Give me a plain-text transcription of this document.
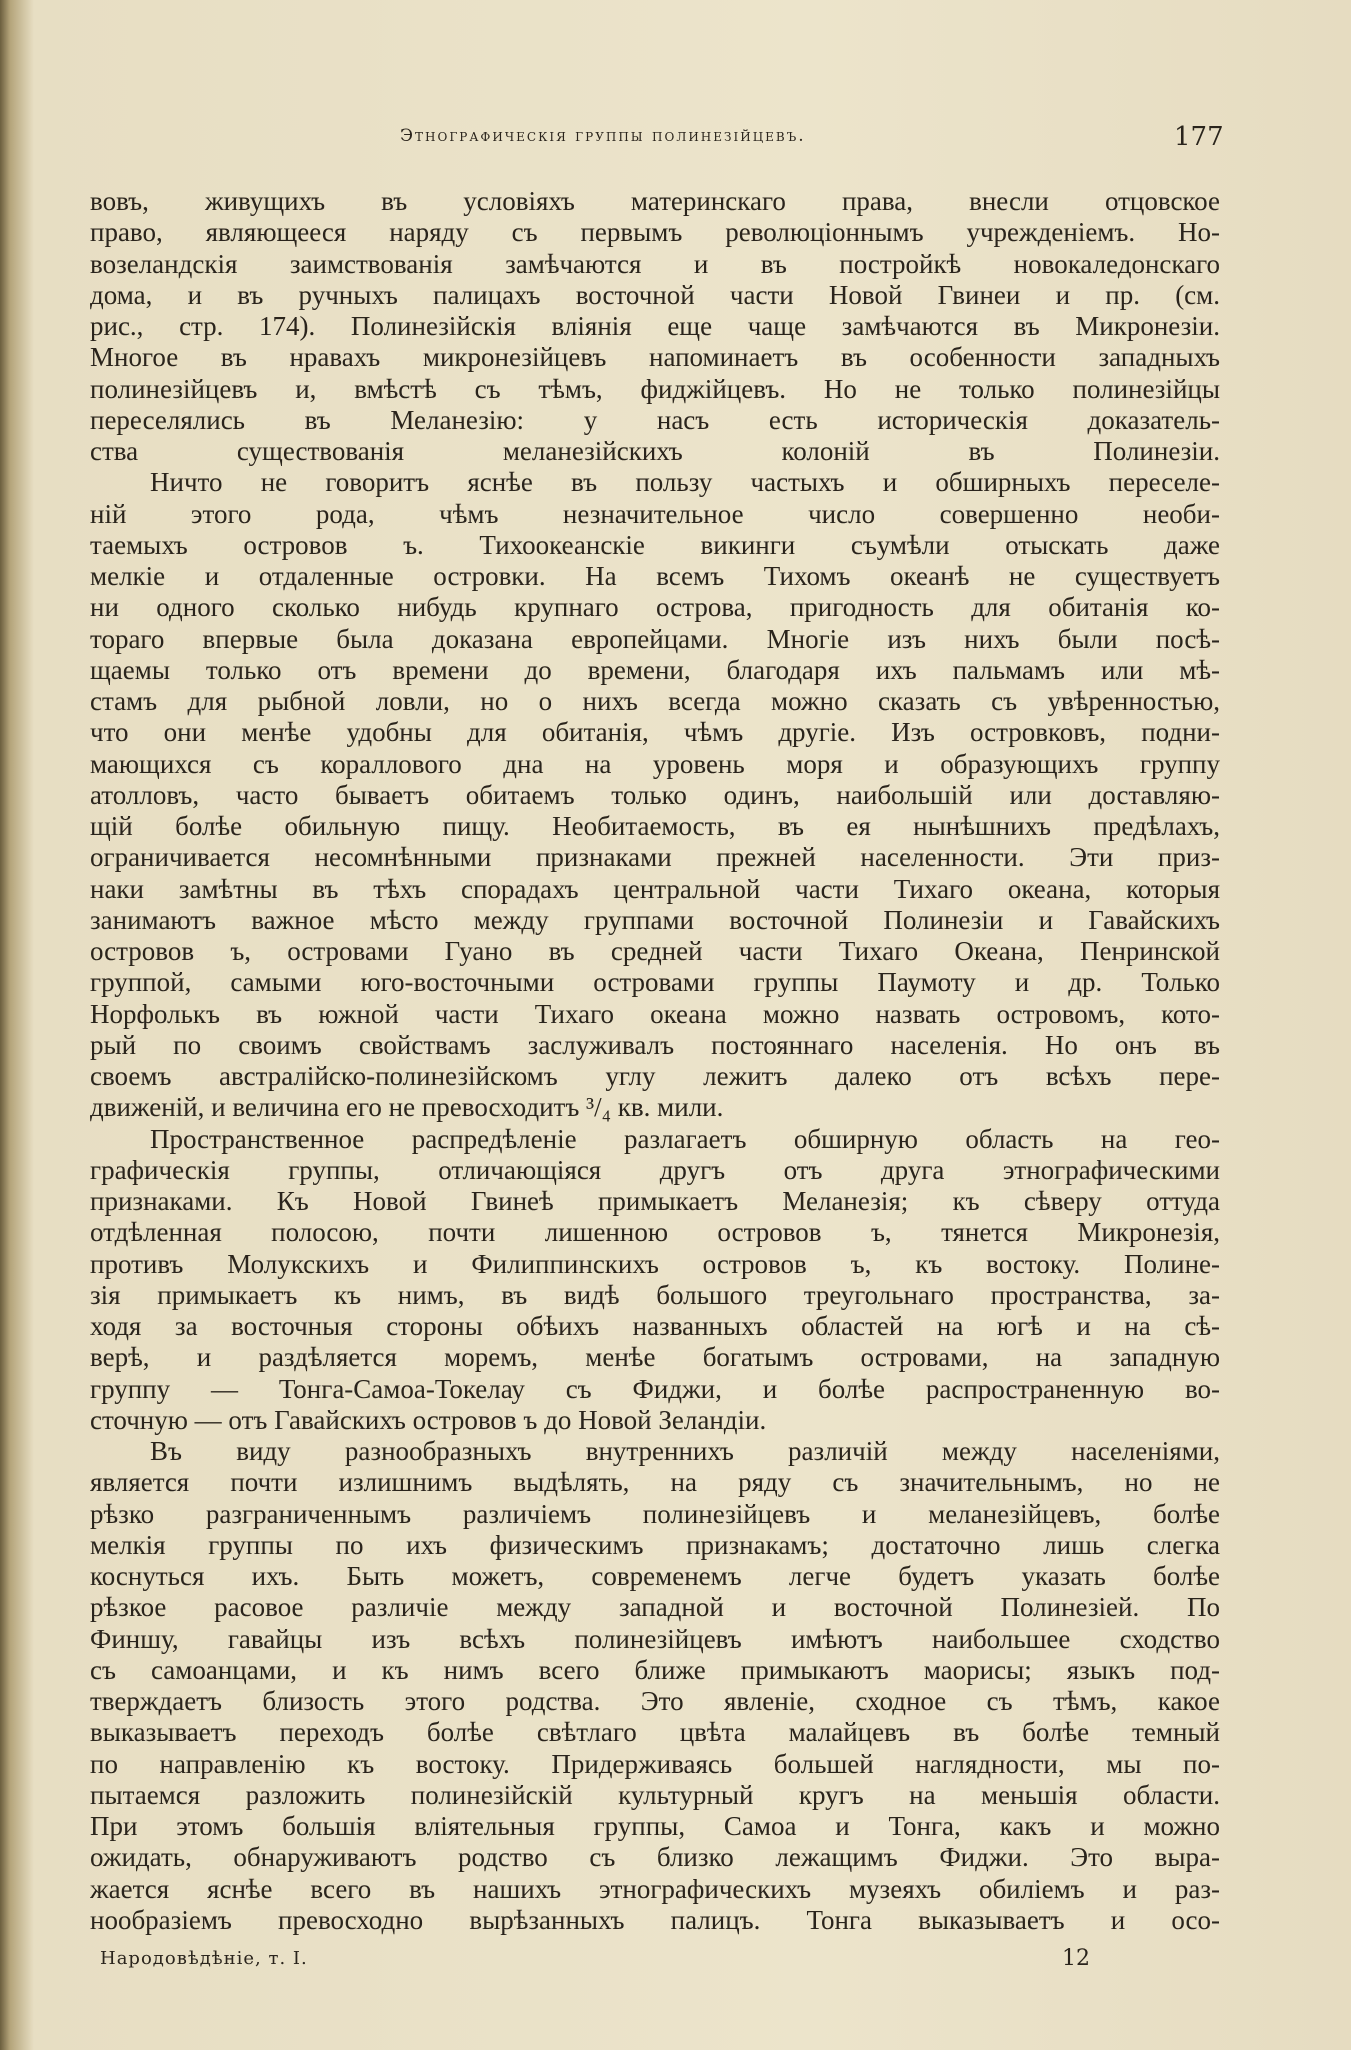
Этнографическія группы полинезійцевъ.	177
вовъ, живущихъ въ условіяхъ материнскаго права, внесли отцовское
право, являющееся наряду съ первымъ революціоннымъ учрежденіемъ. Но-
возеландскія заимствованія замѣчаются и въ постройкѣ новокаледонскаго
дома, и въ ручныхъ палицахъ восточной части Новой Гвинеи и пр. (см.
рис., стр. 174). Полинезійскія вліянія еще чаще замѣчаются въ Микронезіи.
Многое въ нравахъ микронезійцевъ напоминаетъ въ особенности западныхъ
полинезійцевъ и, вмѣстѣ съ тѣмъ, фиджійцевъ. Но не только полинезійцы
переселялись въ Меланезію: у насъ есть историческія доказатель-
ства существованія меланезійскихъ колоній въ Полинезіи.
Ничто не говоритъ яснѣе въ пользу частыхъ и обширныхъ переселе-
ній этого рода, чѣмъ незначительное число совершенно необи-
таемыхъ островов ъ. Тихоокеанскіе викинги съумѣли отыскать даже
мелкіе и отдаленные островки. На всемъ Тихомъ океанѣ не существуетъ
ни одного сколько нибудь крупнаго острова, пригодность для обитанія ко-
тораго впервые была доказана европейцами. Многіе изъ нихъ были посѣ-
щаемы только отъ времени до времени, благодаря ихъ пальмамъ или мѣ-
стамъ для рыбной ловли, но о нихъ всегда можно сказать съ увѣренностью,
что они менѣе удобны для обитанія, чѣмъ другіе. Изъ островковъ, подни-
мающихся съ кораллового дна на уровень моря и образующихъ группу
атолловъ, часто бываетъ обитаемъ только одинъ, наибольшій или доставляю-
щій болѣе обильную пищу. Необитаемость, въ ея нынѣшнихъ предѣлахъ,
ограничивается несомнѣнными признаками прежней населенности. Эти приз-
наки замѣтны въ тѣхъ спорадахъ центральной части Тихаго океана, которыя
занимаютъ важное мѣсто между группами восточной Полинезіи и Гавайскихъ
островов ъ, островами Гуано въ средней части Тихаго Океана, Пенринской
группой, самыми юго-восточными островами группы Паумоту и др. Только
Норфолькъ въ южной части Тихаго океана можно назвать островомъ, кото-
рый по своимъ свойствамъ заслуживалъ постояннаго населенія. Но онъ въ
своемъ австралійско-полинезійскомъ углу лежитъ далеко отъ всѣхъ пере-
движеній, и величина его не превосходитъ ³/₄ кв. мили.
Пространственное распредѣленіе разлагаетъ обширную область на гео-
графическія группы, отличающіяся другъ отъ друга этнографическими
признаками. Къ Новой Гвинеѣ примыкаетъ Меланезія; къ сѣверу оттуда
отдѣленная полосою, почти лишенною островов ъ, тянется Микронезія,
противъ Молукскихъ и Филиппинскихъ островов ъ, къ востоку. Полине-
зія примыкаетъ къ нимъ, въ видѣ большого треугольнаго пространства, за-
ходя за восточныя стороны обѣихъ названныхъ областей на югѣ и на сѣ-
верѣ, и раздѣляется моремъ, менѣе богатымъ островами, на западную
группу — Тонга-Самоа-Токелау съ Фиджи, и болѣе распространенную во-
сточную — отъ Гавайскихъ островов ъ до Новой Зеландіи.
Въ виду разнообразныхъ внутреннихъ различій между населеніями,
является почти излишнимъ выдѣлять, на ряду съ значительнымъ, но не
рѣзко разграниченнымъ различіемъ полинезійцевъ и меланезійцевъ, болѣе
мелкія группы по ихъ физическимъ признакамъ; достаточно лишь слегка
коснуться ихъ. Быть можетъ, современемъ легче будетъ указать болѣе
рѣзкое расовое различіе между западной и восточной Полинезіей. По
Финшу, гавайцы изъ всѣхъ полинезійцевъ имѣютъ наибольшее сходство
съ самоанцами, и къ нимъ всего ближе примыкаютъ маорисы; языкъ под-
тверждаетъ близость этого родства. Это явленіе, сходное съ тѣмъ, какое
выказываетъ переходъ болѣе свѣтлаго цвѣта малайцевъ въ болѣе темный
по направленію къ востоку. Придерживаясь большей наглядности, мы по-
пытаемся разложить полинезійскій культурный кругъ на меньшія области.
При этомъ большія вліятельныя группы, Самоа и Тонга, какъ и можно
ожидать, обнаруживаютъ родство съ близко лежащимъ Фиджи. Это выра-
жается яснѣе всего въ нашихъ этнографическихъ музеяхъ обиліемъ и раз-
нообразіемъ превосходно вырѣзанныхъ палицъ. Тонга выказываетъ и осо-
Народовѣдѣніе, т. I.	12
